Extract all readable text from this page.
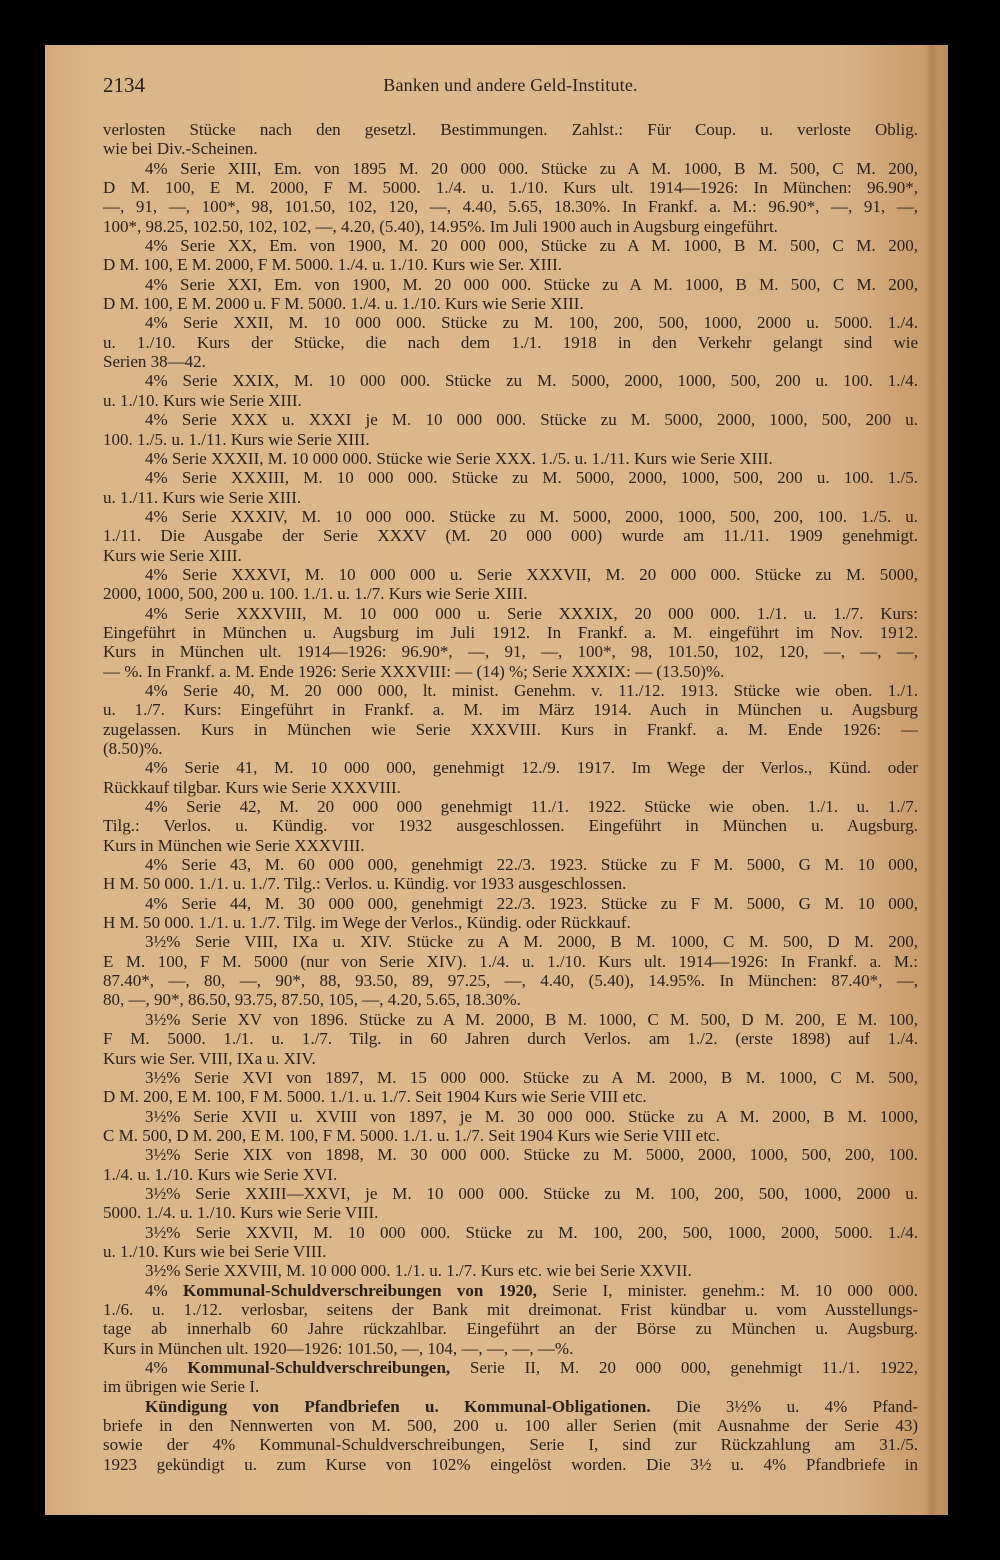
2134	Banken und andere Geld-Institute.
verlosten Stücke nach den gesetzl. Bestimmungen. Zahlst.: Für Coup. u. verloste Oblig.
wie bei Div.-Scheinen.
4% Serie XIII, Em. von 1895 M. 20 000 000. Stücke zu A M. 1000, B M. 500, C M. 200,
D M. 100, E M. 2000, F M. 5000. 1./4. u. 1./10. Kurs ult. 1914—1926: In München: 96.90*,
—, 91, —, 100*, 98, 101.50, 102, 120, —, 4.40, 5.65, 18.30%. In Frankf. a. M.: 96.90*, —, 91, —,
100*, 98.25, 102.50, 102, 102, —, 4.20, (5.40), 14.95%. Im Juli 1900 auch in Augsburg eingeführt.
4% Serie XX, Em. von 1900, M. 20 000 000, Stücke zu A M. 1000, B M. 500, C M. 200,
D M. 100, E M. 2000, F M. 5000. 1./4. u. 1./10. Kurs wie Ser. XIII.
4% Serie XXI, Em. von 1900, M. 20 000 000. Stücke zu A M. 1000, B M. 500, C M. 200,
D M. 100, E M. 2000 u. F M. 5000. 1./4. u. 1./10. Kurs wie Serie XIII.
4% Serie XXII, M. 10 000 000. Stücke zu M. 100, 200, 500, 1000, 2000 u. 5000. 1./4.
u. 1./10. Kurs der Stücke, die nach dem 1./1. 1918 in den Verkehr gelangt sind wie
Serien 38—42.
4% Serie XXIX, M. 10 000 000. Stücke zu M. 5000, 2000, 1000, 500, 200 u. 100. 1./4.
u. 1./10. Kurs wie Serie XIII.
4% Serie XXX u. XXXI je M. 10 000 000. Stücke zu M. 5000, 2000, 1000, 500, 200 u.
100. 1./5. u. 1./11. Kurs wie Serie XIII.
4% Serie XXXII, M. 10 000 000. Stücke wie Serie XXX. 1./5. u. 1./11. Kurs wie Serie XIII.
4% Serie XXXIII, M. 10 000 000. Stücke zu M. 5000, 2000, 1000, 500, 200 u. 100. 1./5.
u. 1./11. Kurs wie Serie XIII.
4% Serie XXXIV, M. 10 000 000. Stücke zu M. 5000, 2000, 1000, 500, 200, 100. 1./5. u.
1./11. Die Ausgabe der Serie XXXV (M. 20 000 000) wurde am 11./11. 1909 genehmigt.
Kurs wie Serie XIII.
4% Serie XXXVI, M. 10 000 000 u. Serie XXXVII, M. 20 000 000. Stücke zu M. 5000,
2000, 1000, 500, 200 u. 100. 1./1. u. 1./7. Kurs wie Serie XIII.
4% Serie XXXVIII, M. 10 000 000 u. Serie XXXIX, 20 000 000. 1./1. u. 1./7. Kurs:
Eingeführt in München u. Augsburg im Juli 1912. In Frankf. a. M. eingeführt im Nov. 1912.
Kurs in München ult. 1914—1926: 96.90*, —, 91, —, 100*, 98, 101.50, 102, 120, —, —, —,
— %. In Frankf. a. M. Ende 1926: Serie XXXVIII: — (14) %; Serie XXXIX: — (13.50)%.
4% Serie 40, M. 20 000 000, lt. minist. Genehm. v. 11./12. 1913. Stücke wie oben. 1./1.
u. 1./7. Kurs: Eingeführt in Frankf. a. M. im März 1914. Auch in München u. Augsburg
zugelassen. Kurs in München wie Serie XXXVIII. Kurs in Frankf. a. M. Ende 1926: —
(8.50)%.
4% Serie 41, M. 10 000 000, genehmigt 12./9. 1917. Im Wege der Verlos., Künd. oder
Rückkauf tilgbar. Kurs wie Serie XXXVIII.
4% Serie 42, M. 20 000 000 genehmigt 11./1. 1922. Stücke wie oben. 1./1. u. 1./7.
Tilg.: Verlos. u. Kündig. vor 1932 ausgeschlossen. Eingeführt in München u. Augsburg.
Kurs in München wie Serie XXXVIII.
4% Serie 43, M. 60 000 000, genehmigt 22./3. 1923. Stücke zu F M. 5000, G M. 10 000,
H M. 50 000. 1./1. u. 1./7. Tilg.: Verlos. u. Kündig. vor 1933 ausgeschlossen.
4% Serie 44, M. 30 000 000, genehmigt 22./3. 1923. Stücke zu F M. 5000, G M. 10 000,
H M. 50 000. 1./1. u. 1./7. Tilg. im Wege der Verlos., Kündig. oder Rückkauf.
3½% Serie VIII, IXa u. XIV. Stücke zu A M. 2000, B M. 1000, C M. 500, D M. 200,
E M. 100, F M. 5000 (nur von Serie XIV). 1./4. u. 1./10. Kurs ult. 1914—1926: In Frankf. a. M.:
87.40*, —, 80, —, 90*, 88, 93.50, 89, 97.25, —, 4.40, (5.40), 14.95%. In München: 87.40*, —,
80, —, 90*, 86.50, 93.75, 87.50, 105, —, 4.20, 5.65, 18.30%.
3½% Serie XV von 1896. Stücke zu A M. 2000, B M. 1000, C M. 500, D M. 200, E M. 100,
F M. 5000. 1./1. u. 1./7. Tilg. in 60 Jahren durch Verlos. am 1./2. (erste 1898) auf 1./4.
Kurs wie Ser. VIII, IXa u. XIV.
3½% Serie XVI von 1897, M. 15 000 000. Stücke zu A M. 2000, B M. 1000, C M. 500,
D M. 200, E M. 100, F M. 5000. 1./1. u. 1./7. Seit 1904 Kurs wie Serie VIII etc.
3½% Serie XVII u. XVIII von 1897, je M. 30 000 000. Stücke zu A M. 2000, B M. 1000,
C M. 500, D M. 200, E M. 100, F M. 5000. 1./1. u. 1./7. Seit 1904 Kurs wie Serie VIII etc.
3½% Serie XIX von 1898, M. 30 000 000. Stücke zu M. 5000, 2000, 1000, 500, 200, 100.
1./4. u. 1./10. Kurs wie Serie XVI.
3½% Serie XXIII—XXVI, je M. 10 000 000. Stücke zu M. 100, 200, 500, 1000, 2000 u.
5000. 1./4. u. 1./10. Kurs wie Serie VIII.
3½% Serie XXVII, M. 10 000 000. Stücke zu M. 100, 200, 500, 1000, 2000, 5000. 1./4.
u. 1./10. Kurs wie bei Serie VIII.
3½% Serie XXVIII, M. 10 000 000. 1./1. u. 1./7. Kurs etc. wie bei Serie XXVII.
4% Kommunal-Schuldverschreibungen von 1920, Serie I, minister. genehm.: M. 10 000 000.
1./6. u. 1./12. verlosbar, seitens der Bank mit dreimonat. Frist kündbar u. vom Ausstellungs-
tage ab innerhalb 60 Jahre rückzahlbar. Eingeführt an der Börse zu München u. Augsburg.
Kurs in München ult. 1920—1926: 101.50, —, 104, —, —, —, —%.
4% Kommunal-Schuldverschreibungen, Serie II, M. 20 000 000, genehmigt 11./1. 1922,
im übrigen wie Serie I.
Kündigung von Pfandbriefen u. Kommunal-Obligationen. Die 3½% u. 4% Pfand-
briefe in den Nennwerten von M. 500, 200 u. 100 aller Serien (mit Ausnahme der Serie 43)
sowie der 4% Kommunal-Schuldverschreibungen, Serie I, sind zur Rückzahlung am 31./5.
1923 gekündigt u. zum Kurse von 102% eingelöst worden. Die 3½ u. 4% Pfandbriefe in
